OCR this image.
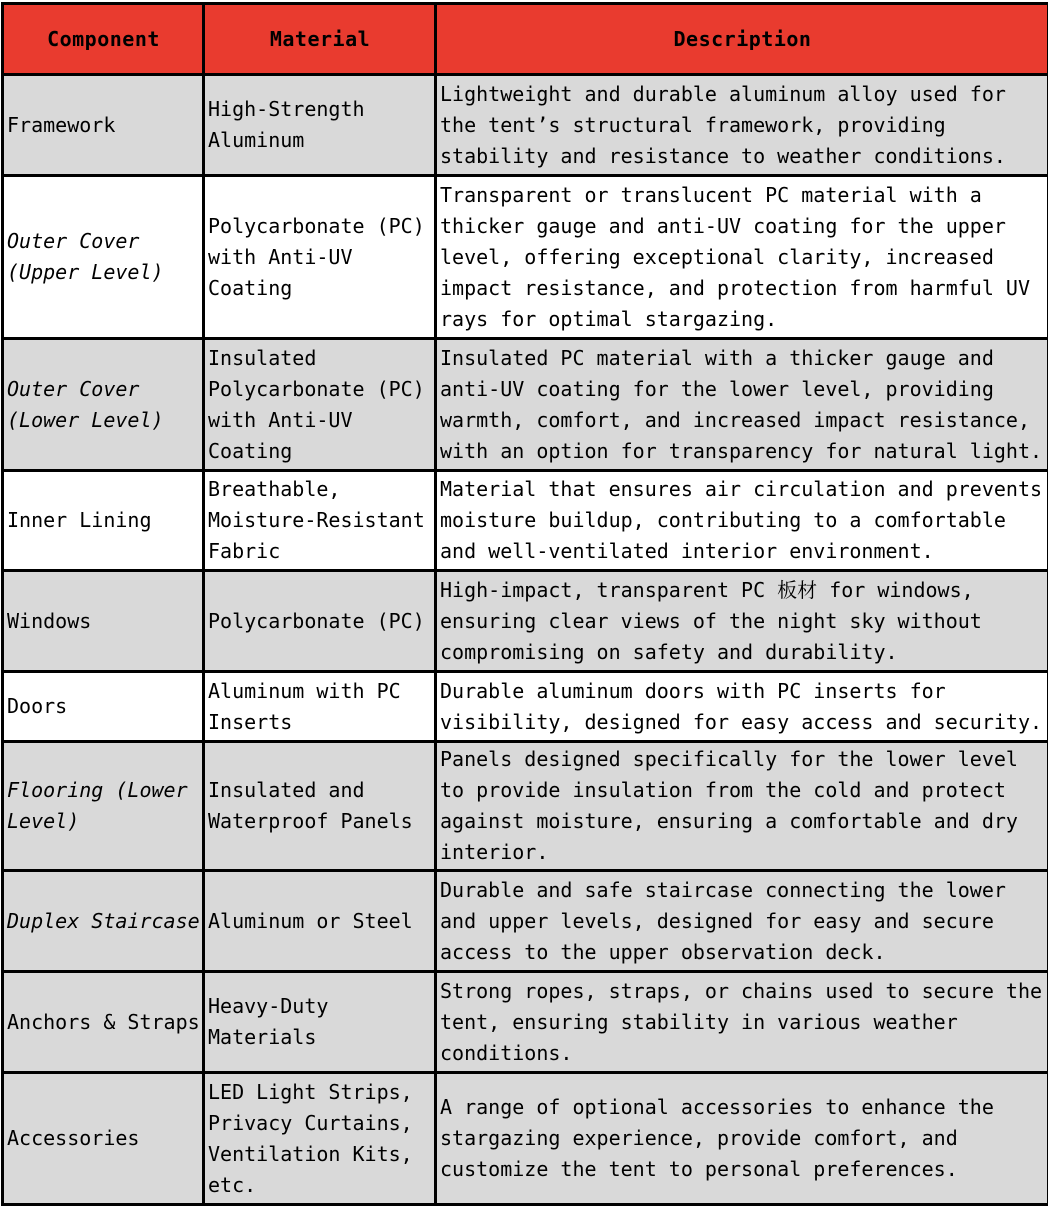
Component	Material	Description
Framework	High-Strength Aluminum	Lightweight and durable aluminum alloy used for the tent’s structural framework, providing stability and resistance to weather conditions.
Outer Cover (Upper Level)	Polycarbonate (PC) with Anti-UV Coating	Transparent or translucent PC material with a thicker gauge and anti-UV coating for the upper level, offering exceptional clarity, increased impact resistance, and protection from harmful UV rays for optimal stargazing.
Outer Cover (Lower Level)	Insulated Polycarbonate (PC) with Anti-UV Coating	Insulated PC material with a thicker gauge and anti-UV coating for the lower level, providing warmth, comfort, and increased impact resistance, with an option for transparency for natural light.
Inner Lining	Breathable, Moisture-Resistant Fabric	Material that ensures air circulation and prevents moisture buildup, contributing to a comfortable and well-ventilated interior environment.
Windows	Polycarbonate (PC)	High-impact, transparent PC 板材 for windows, ensuring clear views of the night sky without compromising on safety and durability.
Doors	Aluminum with PC Inserts	Durable aluminum doors with PC inserts for visibility, designed for easy access and security.
Flooring (Lower Level)	Insulated and Waterproof Panels	Panels designed specifically for the lower level to provide insulation from the cold and protect against moisture, ensuring a comfortable and dry interior.
Duplex Staircase	Aluminum or Steel	Durable and safe staircase connecting the lower and upper levels, designed for easy and secure access to the upper observation deck.
Anchors & Straps	Heavy-Duty Materials	Strong ropes, straps, or chains used to secure the tent, ensuring stability in various weather conditions.
Accessories	LED Light Strips, Privacy Curtains, Ventilation Kits, etc.	A range of optional accessories to enhance the stargazing experience, provide comfort, and customize the tent to personal preferences.
